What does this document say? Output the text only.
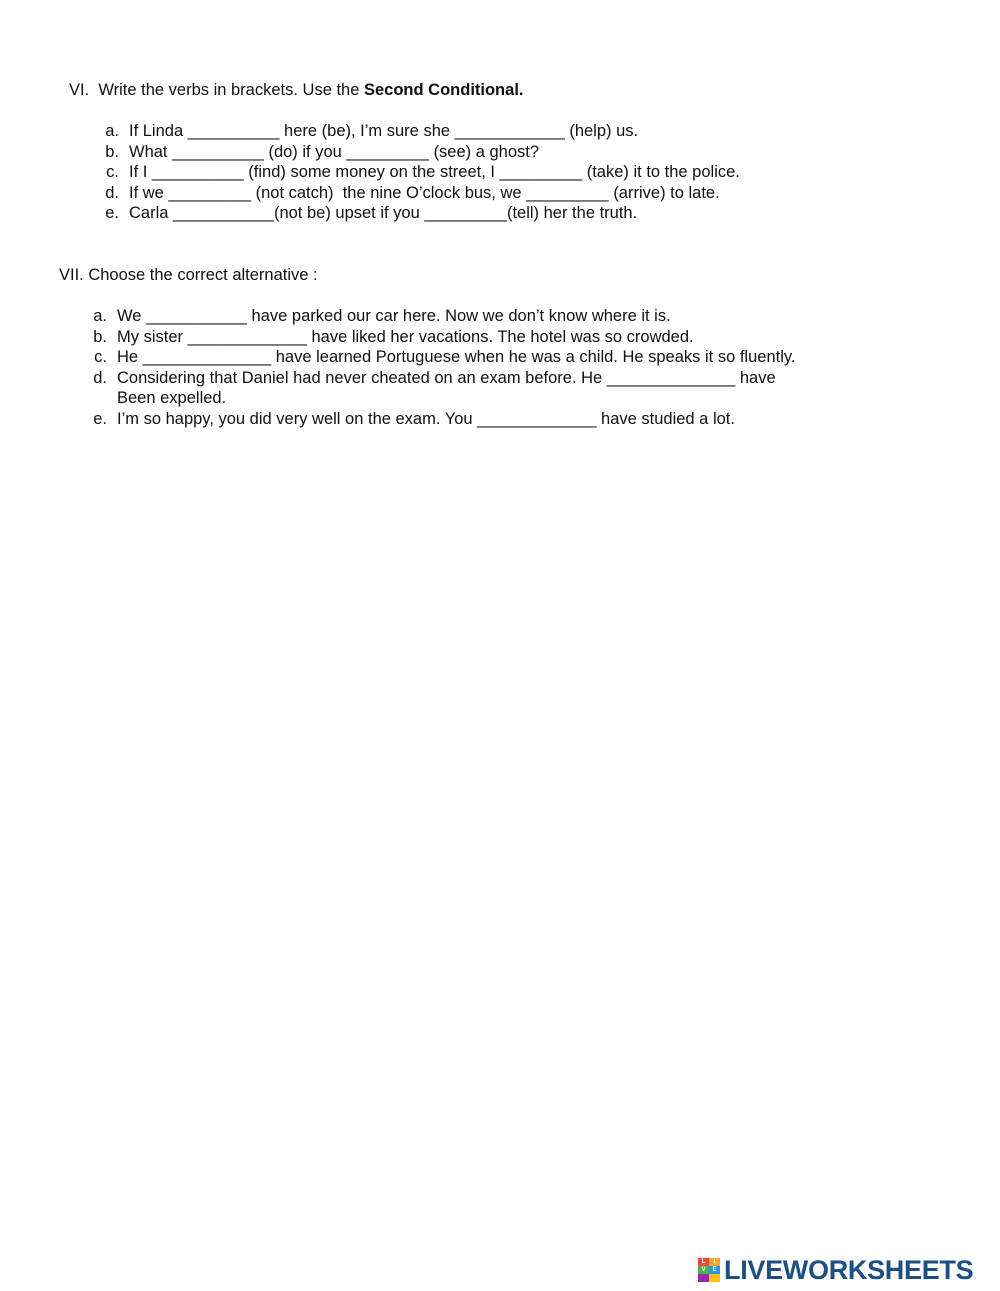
VI.  Write the verbs in brackets. Use the Second Conditional.
a. If Linda __________ here (be), I’m sure she ____________ (help) us.
b. What __________ (do) if you _________ (see) a ghost?
c. If I __________ (find) some money on the street, I _________ (take) it to the police.
d. If we _________ (not catch)  the nine O’clock bus, we _________ (arrive) to late.
e. Carla ___________(not be) upset if you _________(tell) her the truth.
VII. Choose the correct alternative :
a. We ___________ have parked our car here. Now we don’t know where it is.
b. My sister _____________ have liked her vacations. The hotel was so crowded.
c. He ______________ have learned Portuguese when he was a child. He speaks it so fluently.
d. Considering that Daniel had never cheated on an exam before. He ______________ have
Been expelled.
e. I’m so happy, you did very well on the exam. You _____________ have studied a lot.
L	I
V	E LIVEWORKSHEETS
